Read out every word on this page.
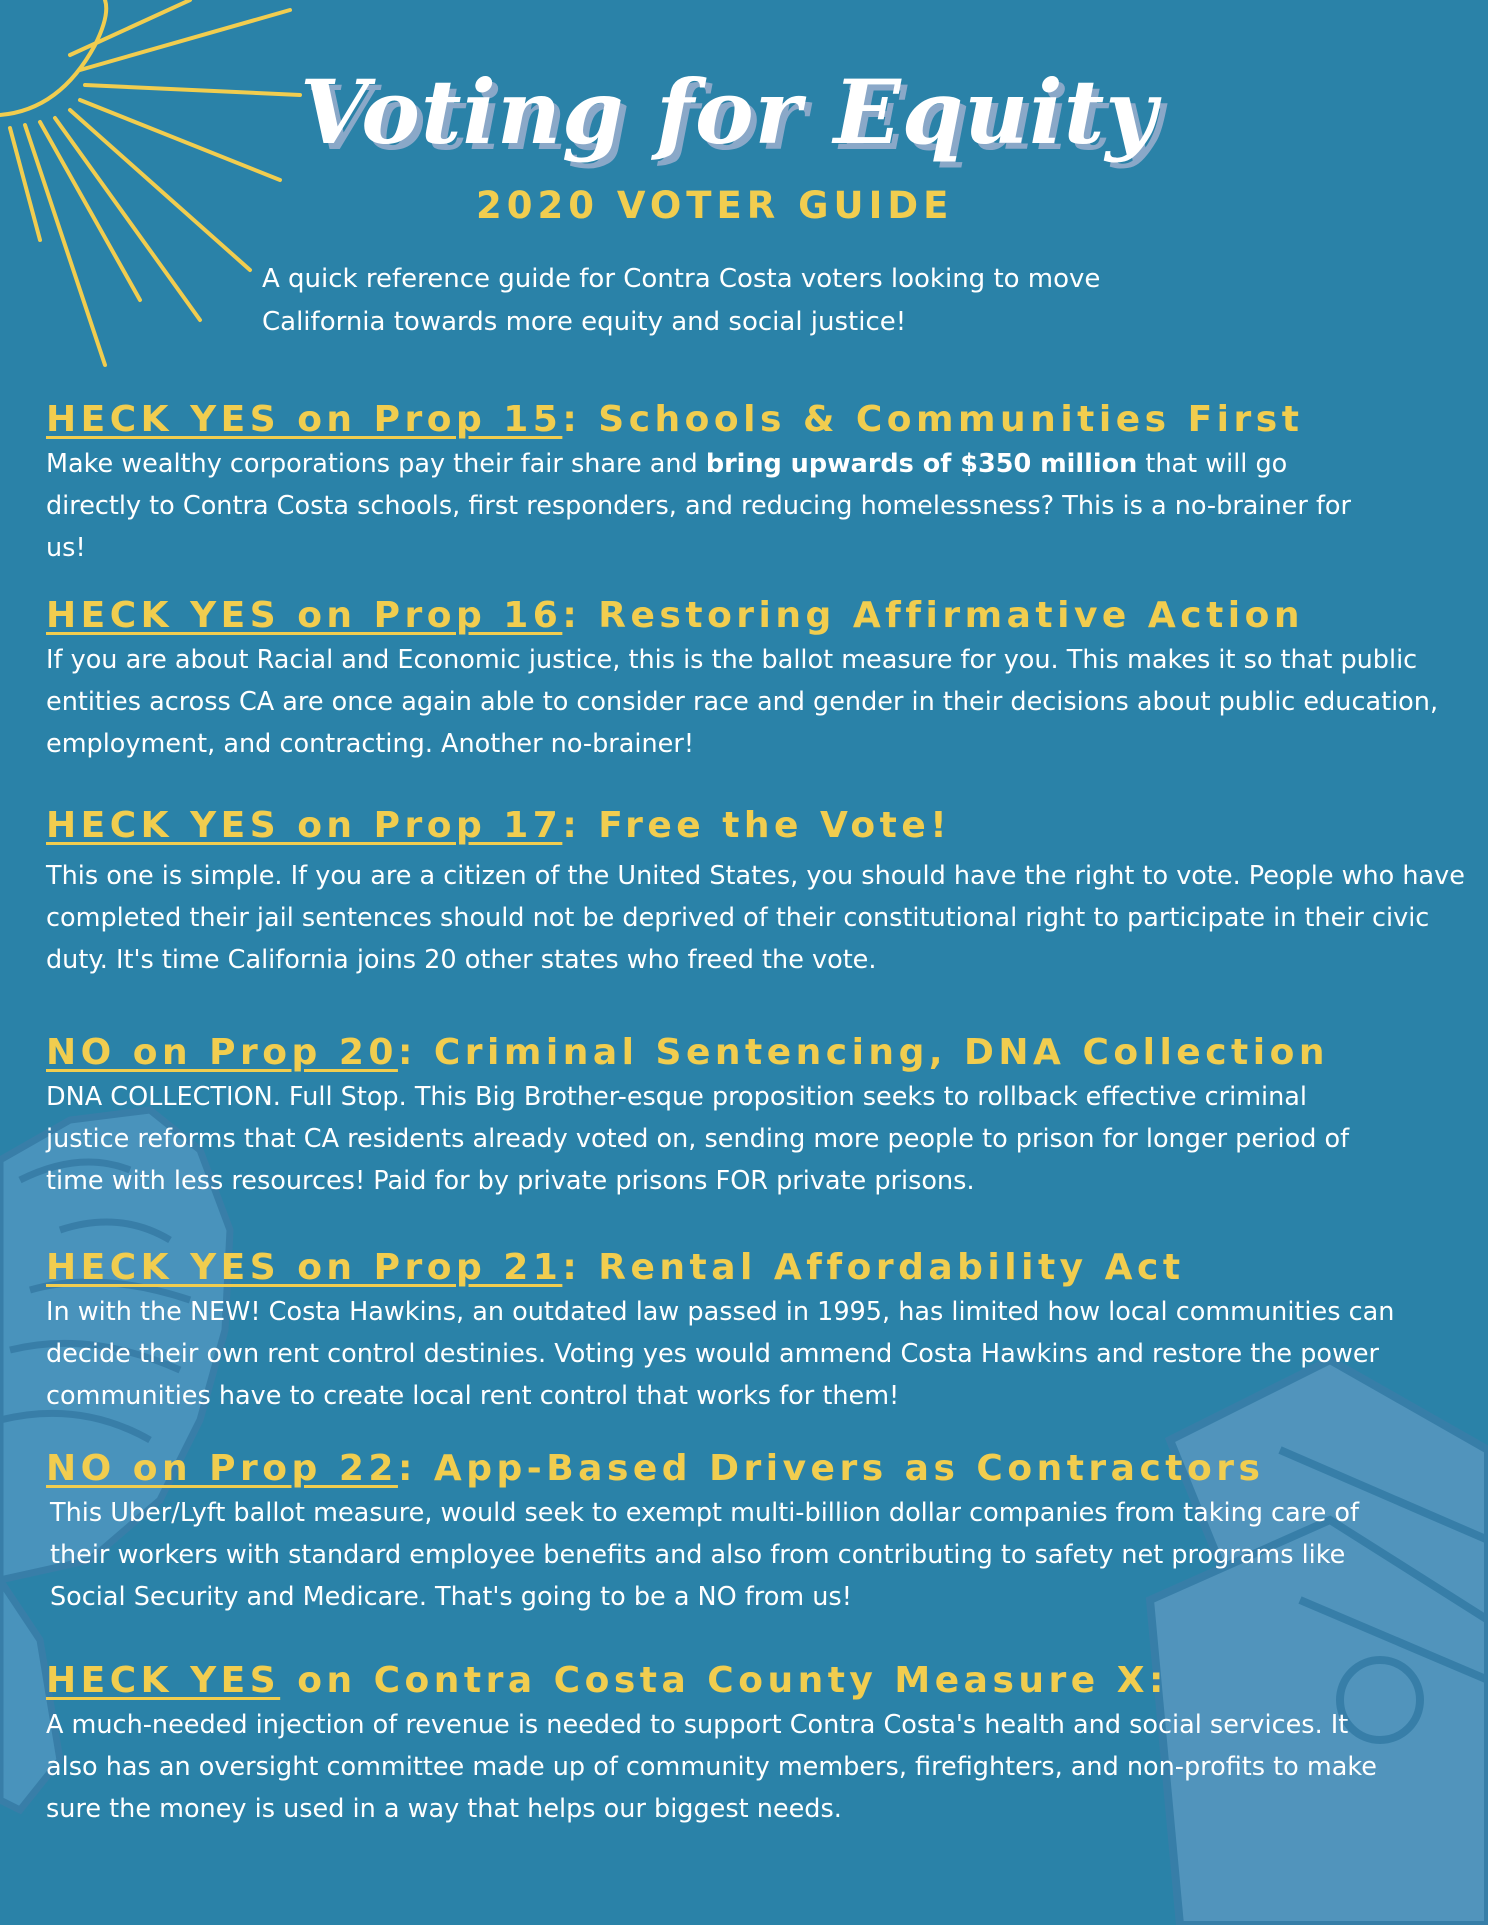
Voting for Equity
2020 VOTER GUIDE
A quick reference guide for Contra Costa voters looking to move
California towards more equity and social justice!
HECK YES on Prop 15: Schools & Communities First

Make wealthy corporations pay their fair share and bring upwards of $350 million that will go directly to Contra Costa schools, first responders, and reducing homelessness? This is a no-brainer for us!

HECK YES on Prop 16: Restoring Affirmative Action

If you are about Racial and Economic justice, this is the ballot measure for you. This makes it so that public entities across CA are once again able to consider race and gender in their decisions about public education, employment, and contracting. Another no-brainer!

HECK YES on Prop 17: Free the Vote!

This one is simple. If you are a citizen of the United States, you should have the right to vote. People who have completed their jail sentences should not be deprived of their constitutional right to participate in their civic duty. It's time California joins 20 other states who freed the vote.

NO on Prop 20: Criminal Sentencing, DNA Collection

DNA COLLECTION. Full Stop. This Big Brother-esque proposition seeks to rollback effective criminal justice reforms that CA residents already voted on, sending more people to prison for longer period of time with less resources! Paid for by private prisons FOR private prisons.

HECK YES on Prop 21: Rental Affordability Act

In with the NEW! Costa Hawkins, an outdated law passed in 1995, has limited how local communities can decide their own rent control destinies. Voting yes would ammend Costa Hawkins and restore the power communities have to create local rent control that works for them!

NO on Prop 22: App-Based Drivers as Contractors

This Uber/Lyft ballot measure, would seek to exempt multi-billion dollar companies from taking care of their workers with standard employee benefits and also from contributing to safety net programs like Social Security and Medicare. That's going to be a NO from us!

HECK YES on Contra Costa County Measure X:

A much-needed injection of revenue is needed to support Contra Costa's health and social services. It also has an oversight committee made up of community members, firefighters, and non-profits to make sure the money is used in a way that helps our biggest needs.
